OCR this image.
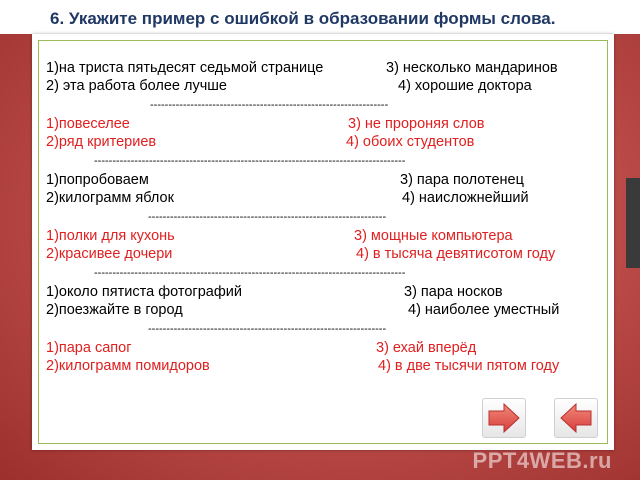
6. Укажите пример с ошибкой в образовании формы слова.
1)на триста пятьдесят седьмой странице	3) несколько мандаринов
2) эта работа более лучше	4) хорошие доктора
-----------------------------------------------------------------
1)повеселее	3) не пророняя слов
2)ряд критериев	4) обоих студентов
-------------------------------------------------------------------------------------
1)попробоваем	3) пара полотенец
2)килограмм яблок	4) наисложнейший
-----------------------------------------------------------------
1)полки для кухонь	3) мощные компьютера
2)красивее дочери	4) в тысяча девятисотом году
-------------------------------------------------------------------------------------
1)около пятиста фотографий	3) пара носков
2)поезжайте в город	4) наиболее уместный
-----------------------------------------------------------------
1)пара сапог	3) ехай вперёд
2)килограмм помидоров	4) в две тысячи пятом году
PPT4WEB.ru
